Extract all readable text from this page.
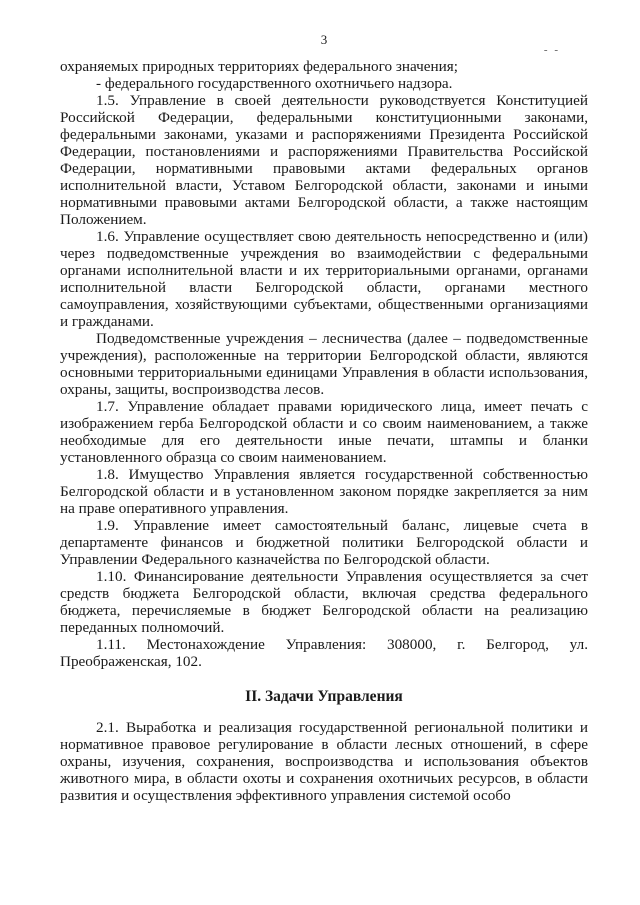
3
- -

охраняемых природных территориях федерального значения;

- федерального государственного охотничьего надзора.

1.5. Управление в своей деятельности руководствуется Конституцией Российской Федерации, федеральными конституционными законами, федеральными законами, указами и распоряжениями Президента Российской Федерации, постановлениями и распоряжениями Правительства Российской Федерации, нормативными правовыми актами федеральных органов исполнительной власти, Уставом Белгородской области, законами и иными нормативными правовыми актами Белгородской области, а также настоящим Положением.

1.6. Управление осуществляет свою деятельность непосредственно и (или) через подведомственные учреждения во взаимодействии с федеральными органами исполнительной власти и их территориальными органами, органами исполнительной власти Белгородской области, органами местного самоуправления, хозяйствующими субъектами, общественными организациями и гражданами.

Подведомственные учреждения – лесничества (далее – подведомственные учреждения), расположенные на территории Белгородской области, являются основными территориальными единицами Управления в области использования, охраны, защиты, воспроизводства лесов.

1.7. Управление обладает правами юридического лица, имеет печать с изображением герба Белгородской области и со своим наименованием, а также необходимые для его деятельности иные печати, штампы и бланки установленного образца со своим наименованием.

1.8. Имущество Управления является государственной собственностью Белгородской области и в установленном законом порядке закрепляется за ним на праве оперативного управления.

1.9. Управление имеет самостоятельный баланс, лицевые счета в департаменте финансов и бюджетной политики Белгородской области и Управлении Федерального казначейства по Белгородской области.

1.10. Финансирование деятельности Управления осуществляется за счет средств бюджета Белгородской области, включая средства федерального бюджета, перечисляемые в бюджет Белгородской области на реализацию переданных полномочий.

1.11. Местонахождение Управления: 308000, г. Белгород, ул. Преображенская, 102.

II. Задачи Управления

2.1. Выработка и реализация государственной региональной политики и нормативное правовое регулирование в области лесных отношений, в сфере охраны, изучения, сохранения, воспроизводства и использования объектов животного мира, в области охоты и сохранения охотничьих ресурсов, в области развития и осуществления эффективного управления системой особо
